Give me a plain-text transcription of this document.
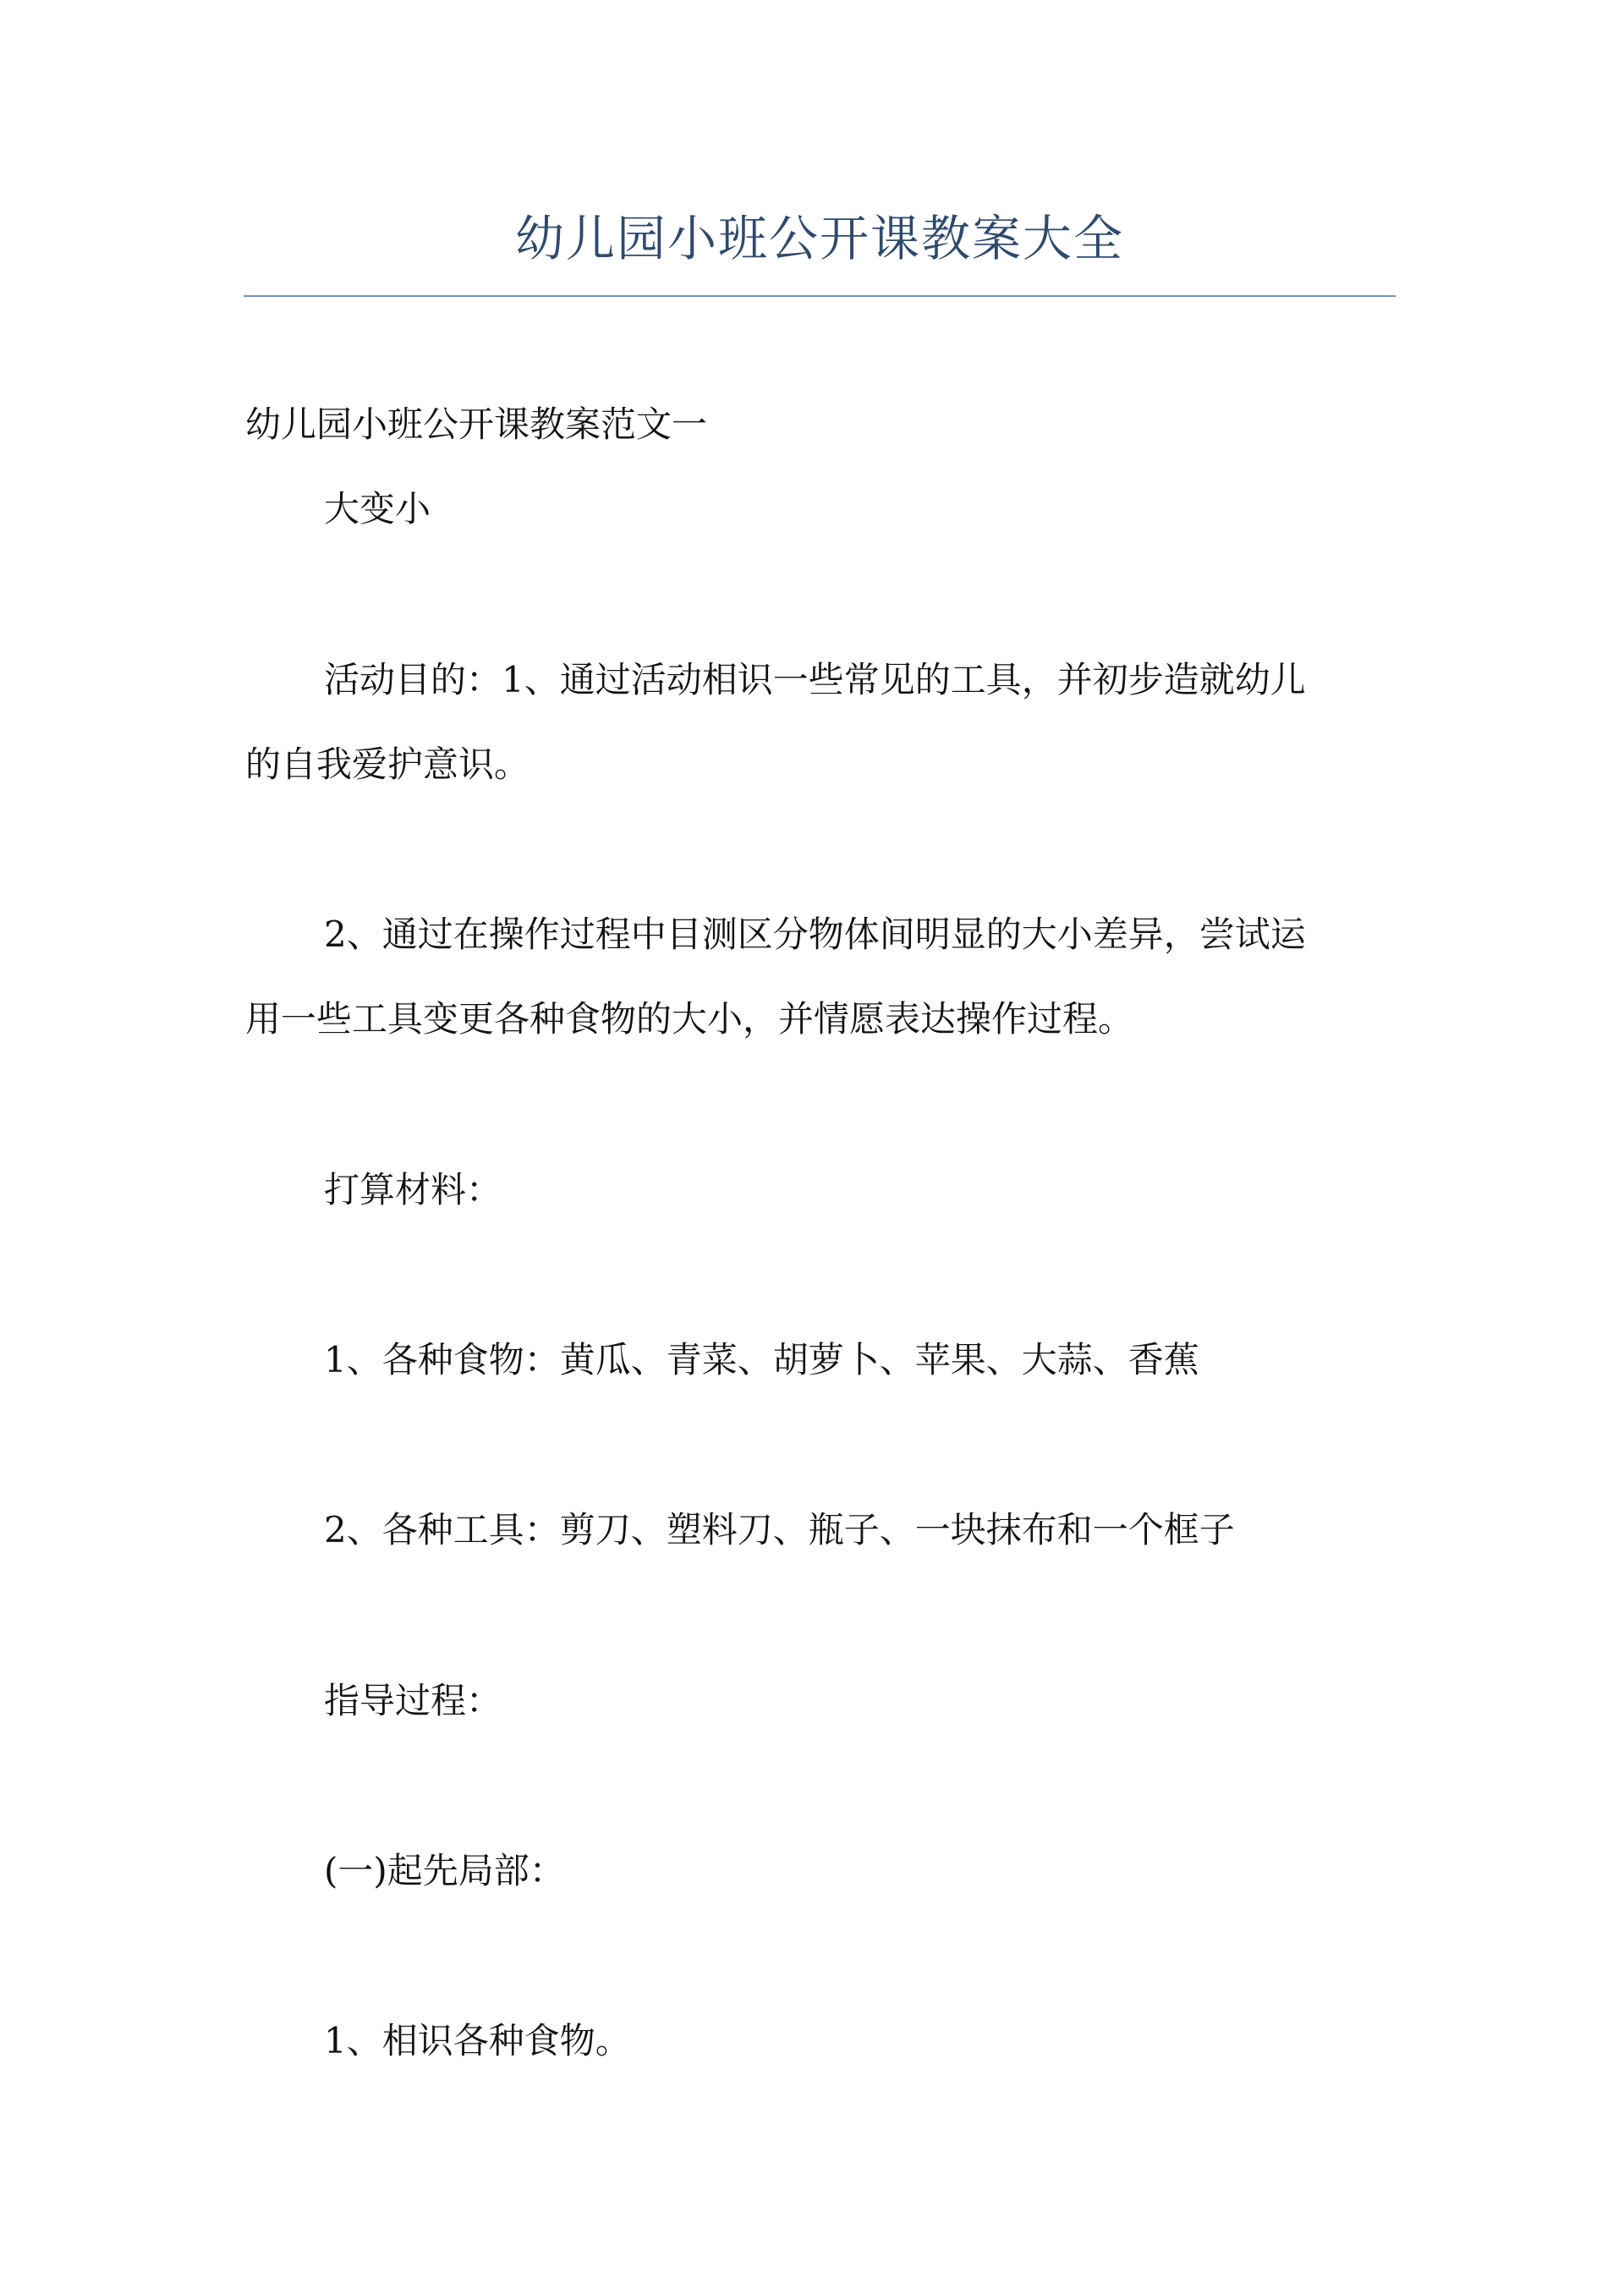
幼儿园小班公开课教案大全

幼儿园小班公开课教案范文一

大变小

活动目的：1、通过活动相识一些常见的工具，并初步造就幼儿

的自我爱护意识。

2、通过在操作过程中目测区分物体间明显的大小差异，尝试运

用一些工具变更各种食物的大小，并情愿表达操作过程。

打算材料：

1、各种食物：黄瓜、青菜、胡萝卜、苹果、大蒜、香蕉

2、各种工具：剪刀、塑料刀、瓶子、一块抹布和一个框子

指导过程：

(一)起先局部：

1、相识各种食物。
